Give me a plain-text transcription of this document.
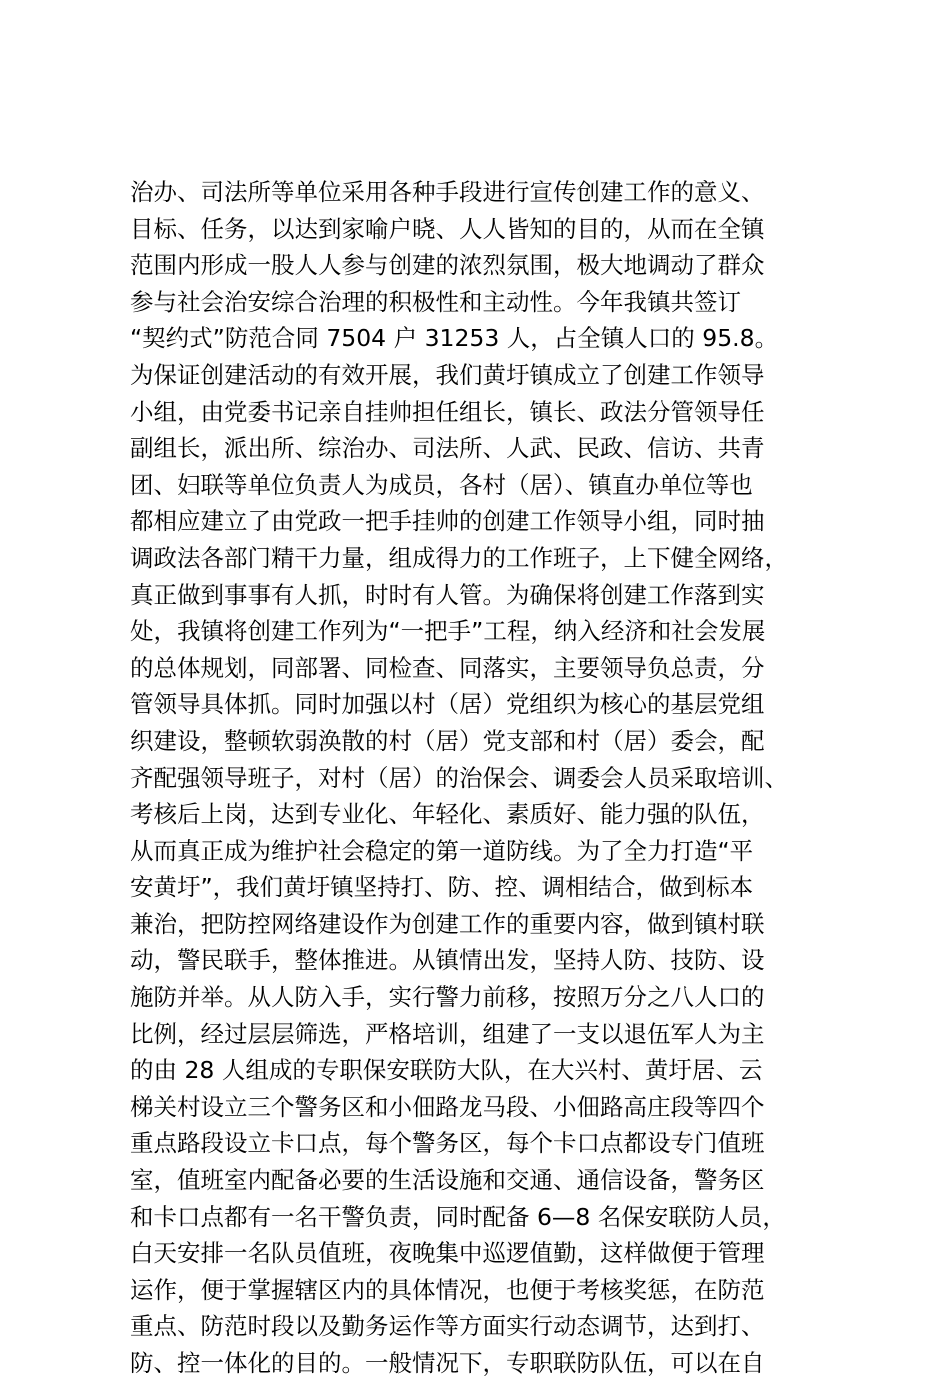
治办、司法所等单位采用各种手段进行宣传创建工作的意义、
目标、任务，以达到家喻户晓、人人皆知的目的，从而在全镇
范围内形成一股人人参与创建的浓烈氛围，极大地调动了群众
参与社会治安综合治理的积极性和主动性。今年我镇共签订
“契约式”防范合同 7504 户 31253 人，占全镇人口的 95.8。
为保证创建活动的有效开展，我们黄圩镇成立了创建工作领导
小组，由党委书记亲自挂帅担任组长，镇长、政法分管领导任
副组长，派出所、综治办、司法所、人武、民政、信访、共青
团、妇联等单位负责人为成员，各村（居）、镇直办单位等也
都相应建立了由党政一把手挂帅的创建工作领导小组，同时抽
调政法各部门精干力量，组成得力的工作班子，上下健全网络，
真正做到事事有人抓，时时有人管。为确保将创建工作落到实
处，我镇将创建工作列为“一把手”工程，纳入经济和社会发展
的总体规划，同部署、同检查、同落实，主要领导负总责，分
管领导具体抓。同时加强以村（居）党组织为核心的基层党组
织建设，整顿软弱涣散的村（居）党支部和村（居）委会，配
齐配强领导班子，对村（居）的治保会、调委会人员采取培训、
考核后上岗，达到专业化、年轻化、素质好、能力强的队伍，
从而真正成为维护社会稳定的第一道防线。为了全力打造“平
安黄圩”，我们黄圩镇坚持打、防、控、调相结合，做到标本
兼治，把防控网络建设作为创建工作的重要内容，做到镇村联
动，警民联手，整体推进。从镇情出发，坚持人防、技防、设
施防并举。从人防入手，实行警力前移，按照万分之八人口的
比例，经过层层筛选，严格培训，组建了一支以退伍军人为主
的由 28 人组成的专职保安联防大队，在大兴村、黄圩居、云
梯关村设立三个警务区和小佃路龙马段、小佃路高庄段等四个
重点路段设立卡口点，每个警务区，每个卡口点都设专门值班
室，值班室内配备必要的生活设施和交通、通信设备，警务区
和卡口点都有一名干警负责，同时配备 6—8 名保安联防人员，
白天安排一名队员值班，夜晚集中巡逻值勤，这样做便于管理
运作，便于掌握辖区内的具体情况，也便于考核奖惩，在防范
重点、防范时段以及勤务运作等方面实行动态调节，达到打、
防、控一体化的目的。一般情况下，专职联防队伍，可以在自
